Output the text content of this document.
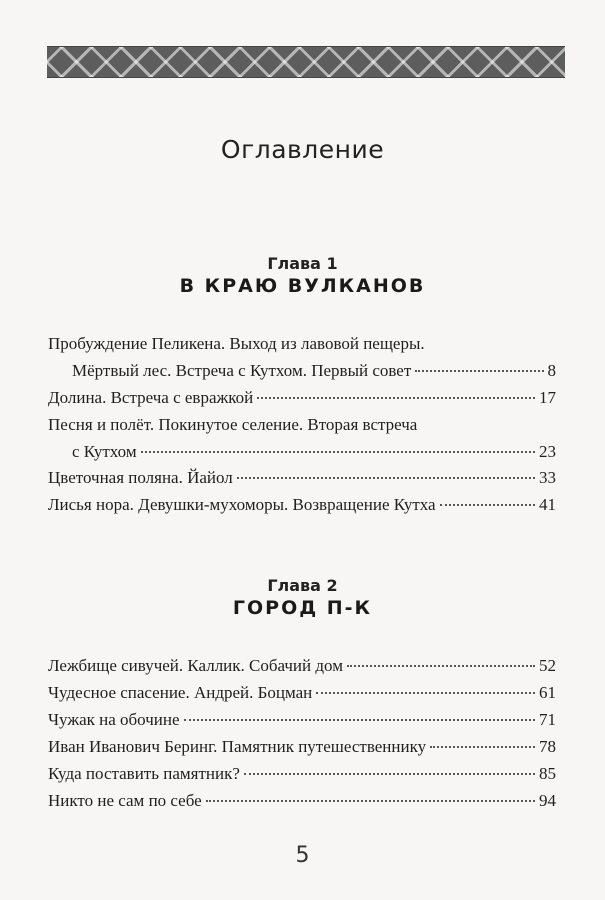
Оглавление
Глава 1
В КРАЮ ВУЛКАНОВ
Пробуждение Пеликена. Выход из лавовой пещеры.
Мёртвый лес. Встреча с Кутхом. Первый совет	8
Долина. Встреча с евражкой	17
Песня и полёт. Покинутое селение. Вторая встреча
с Кутхом	23
Цветочная поляна. Йайол	33
Лисья нора. Девушки-мухоморы. Возвращение Кутха	41
Глава 2
ГОРОД П-К
Лежбище сивучей. Каллик. Собачий дом	52
Чудесное спасение. Андрей. Боцман	61
Чужак на обочине	71
Иван Иванович Беринг. Памятник путешественнику	78
Куда поставить памятник?	85
Никто не сам по себе	94
5
